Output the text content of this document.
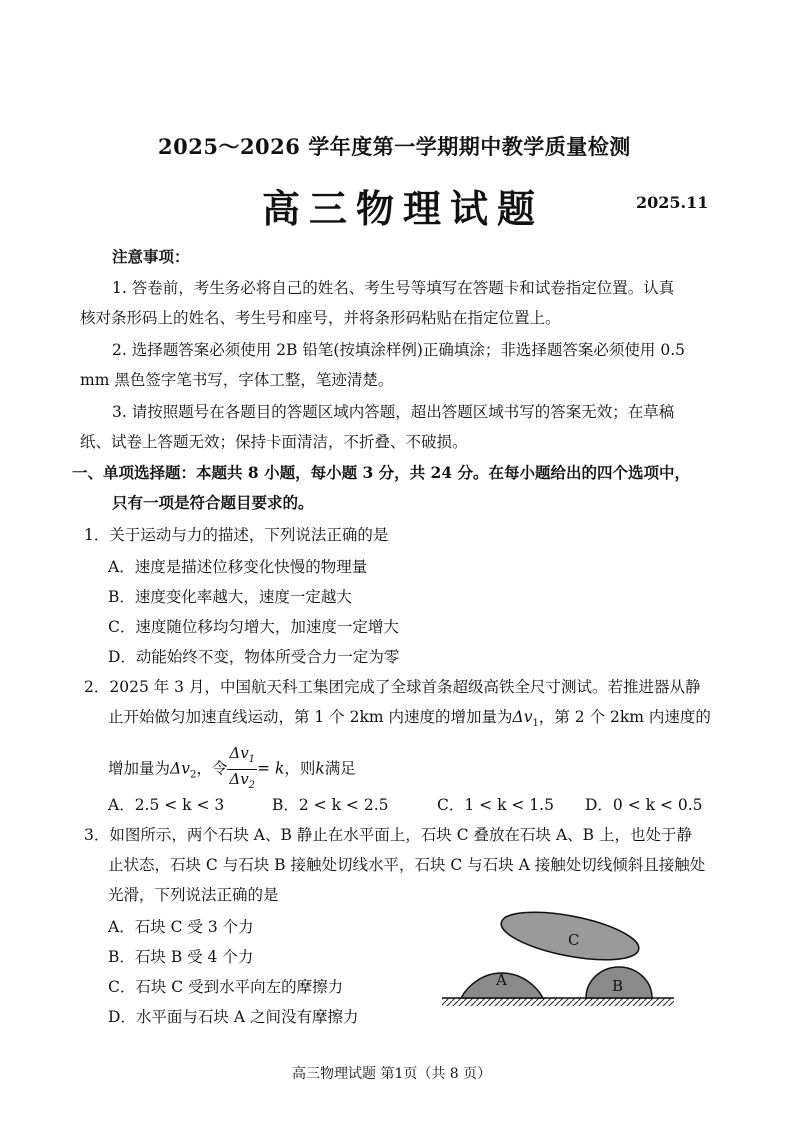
2025～2026 学年度第一学期期中教学质量检测
高三物理试题	2025.11
注意事项：
1. 答卷前，考生务必将自己的姓名、考生号等填写在答题卡和试卷指定位置。认真
核对条形码上的姓名、考生号和座号，并将条形码粘贴在指定位置上。
2. 选择题答案必须使用 2B 铅笔(按填涂样例)正确填涂；非选择题答案必须使用 0.5
mm 黑色签字笔书写，字体工整，笔迹清楚。
3. 请按照题号在各题目的答题区域内答题，超出答题区域书写的答案无效；在草稿
纸、试卷上答题无效；保持卡面清洁，不折叠、不破损。
一、单项选择题：本题共 8 小题，每小题 3 分，共 24 分。在每小题给出的四个选项中，
只有一项是符合题目要求的。
1．关于运动与力的描述，下列说法正确的是
A．速度是描述位移变化快慢的物理量
B．速度变化率越大，速度一定越大
C．速度随位移均匀增大，加速度一定增大
D．动能始终不变，物体所受合力一定为零
2．2025 年 3 月，中国航天科工集团完成了全球首条超级高铁全尺寸测试。若推进器从静
止开始做匀加速直线运动，第 1 个 2km 内速度的增加量为$\Delta v_1$，第 2 个 2km 内速度的
增加量为$\Delta v_2$，令 $\frac{\Delta v_1}{\Delta v_2} = k$，则k满足
A．2.5 < k < 3	B．2 < k < 2.5	C．1 < k < 1.5 D．0 < k < 0.5
3．如图所示，两个石块 A、B 静止在水平面上，石块 C 叠放在石块 A、B 上，也处于静
止状态，石块 C 与石块 B 接触处切线水平，石块 C 与石块 A 接触处切线倾斜且接触处
光滑，下列说法正确的是
A．石块 C 受 3 个力
B．石块 B 受 4 个力
C．石块 C 受到水平向左的摩擦力
D．水平面与石块 A 之间没有摩擦力
A	B
C
高三物理试题 第1页（共 8 页）
